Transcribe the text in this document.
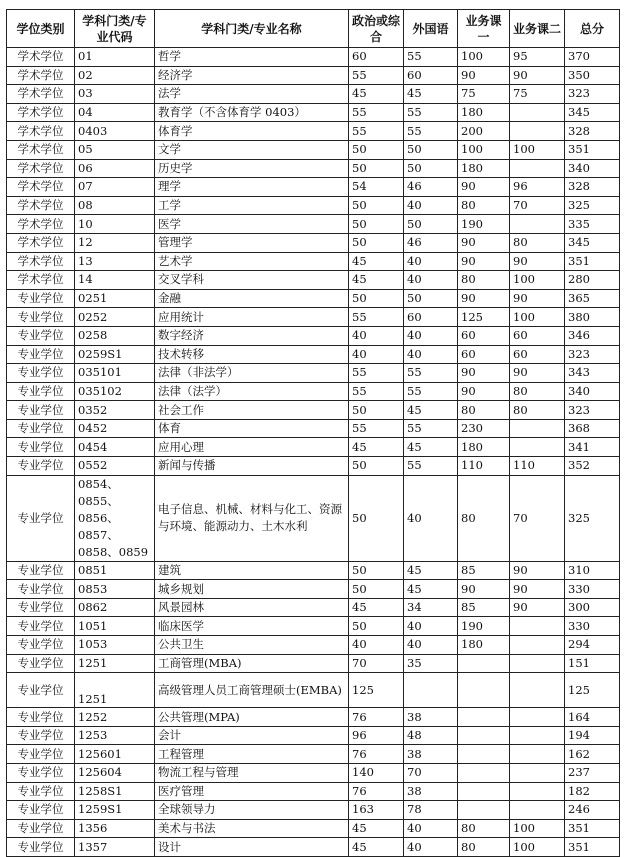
学位类别	学科门类/专业代码	学科门类/专业名称	政治或综合	外国语	业务课一	业务课二	总分
学术学位	01	哲学	60	55	100	95	370
学术学位	02	经济学	55	60	90	90	350
学术学位	03	法学	45	45	75	75	323
学术学位	04	教育学（不含体育学 0403）	55	55	180		345
学术学位	0403	体育学	55	55	200		328
学术学位	05	文学	50	50	100	100	351
学术学位	06	历史学	50	50	180		340
学术学位	07	理学	54	46	90	96	328
学术学位	08	工学	50	40	80	70	325
学术学位	10	医学	50	50	190		335
学术学位	12	管理学	50	46	90	80	345
学术学位	13	艺术学	45	40	90	90	351
学术学位	14	交叉学科	45	40	80	100	280
专业学位	0251	金融	50	50	90	90	365
专业学位	0252	应用统计	55	60	125	100	380
专业学位	0258	数字经济	40	40	60	60	346
专业学位	0259S1	技术转移	40	40	60	60	323
专业学位	035101	法律（非法学）	55	55	90	90	343
专业学位	035102	法律（法学）	55	55	90	80	340
专业学位	0352	社会工作	50	45	80	80	323
专业学位	0452	体育	55	55	230		368
专业学位	0454	应用心理	45	45	180		341
专业学位	0552	新闻与传播	50	55	110	110	352
专业学位	0854、0855、0856、0857、0858、0859	电子信息、机械、材料与化工、资源与环境、能源动力、土木水利	50	40	80	70	325
专业学位	0851	建筑	50	45	85	90	310
专业学位	0853	城乡规划	50	45	90	90	330
专业学位	0862	风景园林	45	34	85	90	300
专业学位	1051	临床医学	50	40	190		330
专业学位	1053	公共卫生	40	40	180		294
专业学位	1251	工商管理(MBA)	70	35			151
专业学位	1251	高级管理人员工商管理硕士(EMBA)	125				125
专业学位	1252	公共管理(MPA)	76	38			164
专业学位	1253	会计	96	48			194
专业学位	125601	工程管理	76	38			162
专业学位	125604	物流工程与管理	140	70			237
专业学位	1258S1	医疗管理	76	38			182
专业学位	1259S1	全球领导力	163	78			246
专业学位	1356	美术与书法	45	40	80	100	351
专业学位	1357	设计	45	40	80	100	351
